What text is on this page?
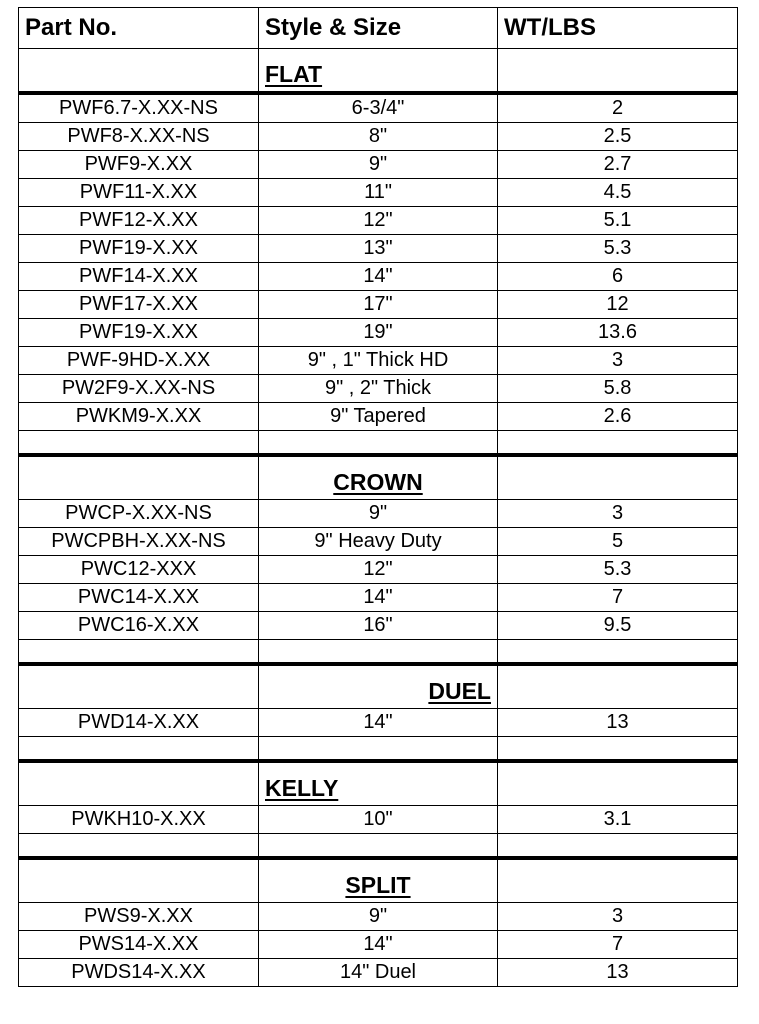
Part No.	Style & Size	WT/LBS
	FLAT	
PWF6.7-X.XX-NS	6-3/4"	2
PWF8-X.XX-NS	8"	2.5
PWF9-X.XX	9"	2.7
PWF11-X.XX	11"	4.5
PWF12-X.XX	12"	5.1
PWF19-X.XX	13"	5.3
PWF14-X.XX	14"	6
PWF17-X.XX	17"	12
PWF19-X.XX	19"	13.6
PWF-9HD-X.XX	9" , 1" Thick HD	3
PW2F9-X.XX-NS	9" , 2" Thick	5.8
PWKM9-X.XX	9" Tapered	2.6

	CROWN	
PWCP-X.XX-NS	9"	3
PWCPBH-X.XX-NS	9" Heavy Duty	5
PWC12-XXX	12"	5.3
PWC14-X.XX	14"	7
PWC16-X.XX	16"	9.5

	DUEL	
PWD14-X.XX	14"	13

	KELLY	
PWKH10-X.XX	10"	3.1

	SPLIT	
PWS9-X.XX	9"	3
PWS14-X.XX	14"	7
PWDS14-X.XX	14" Duel	13
